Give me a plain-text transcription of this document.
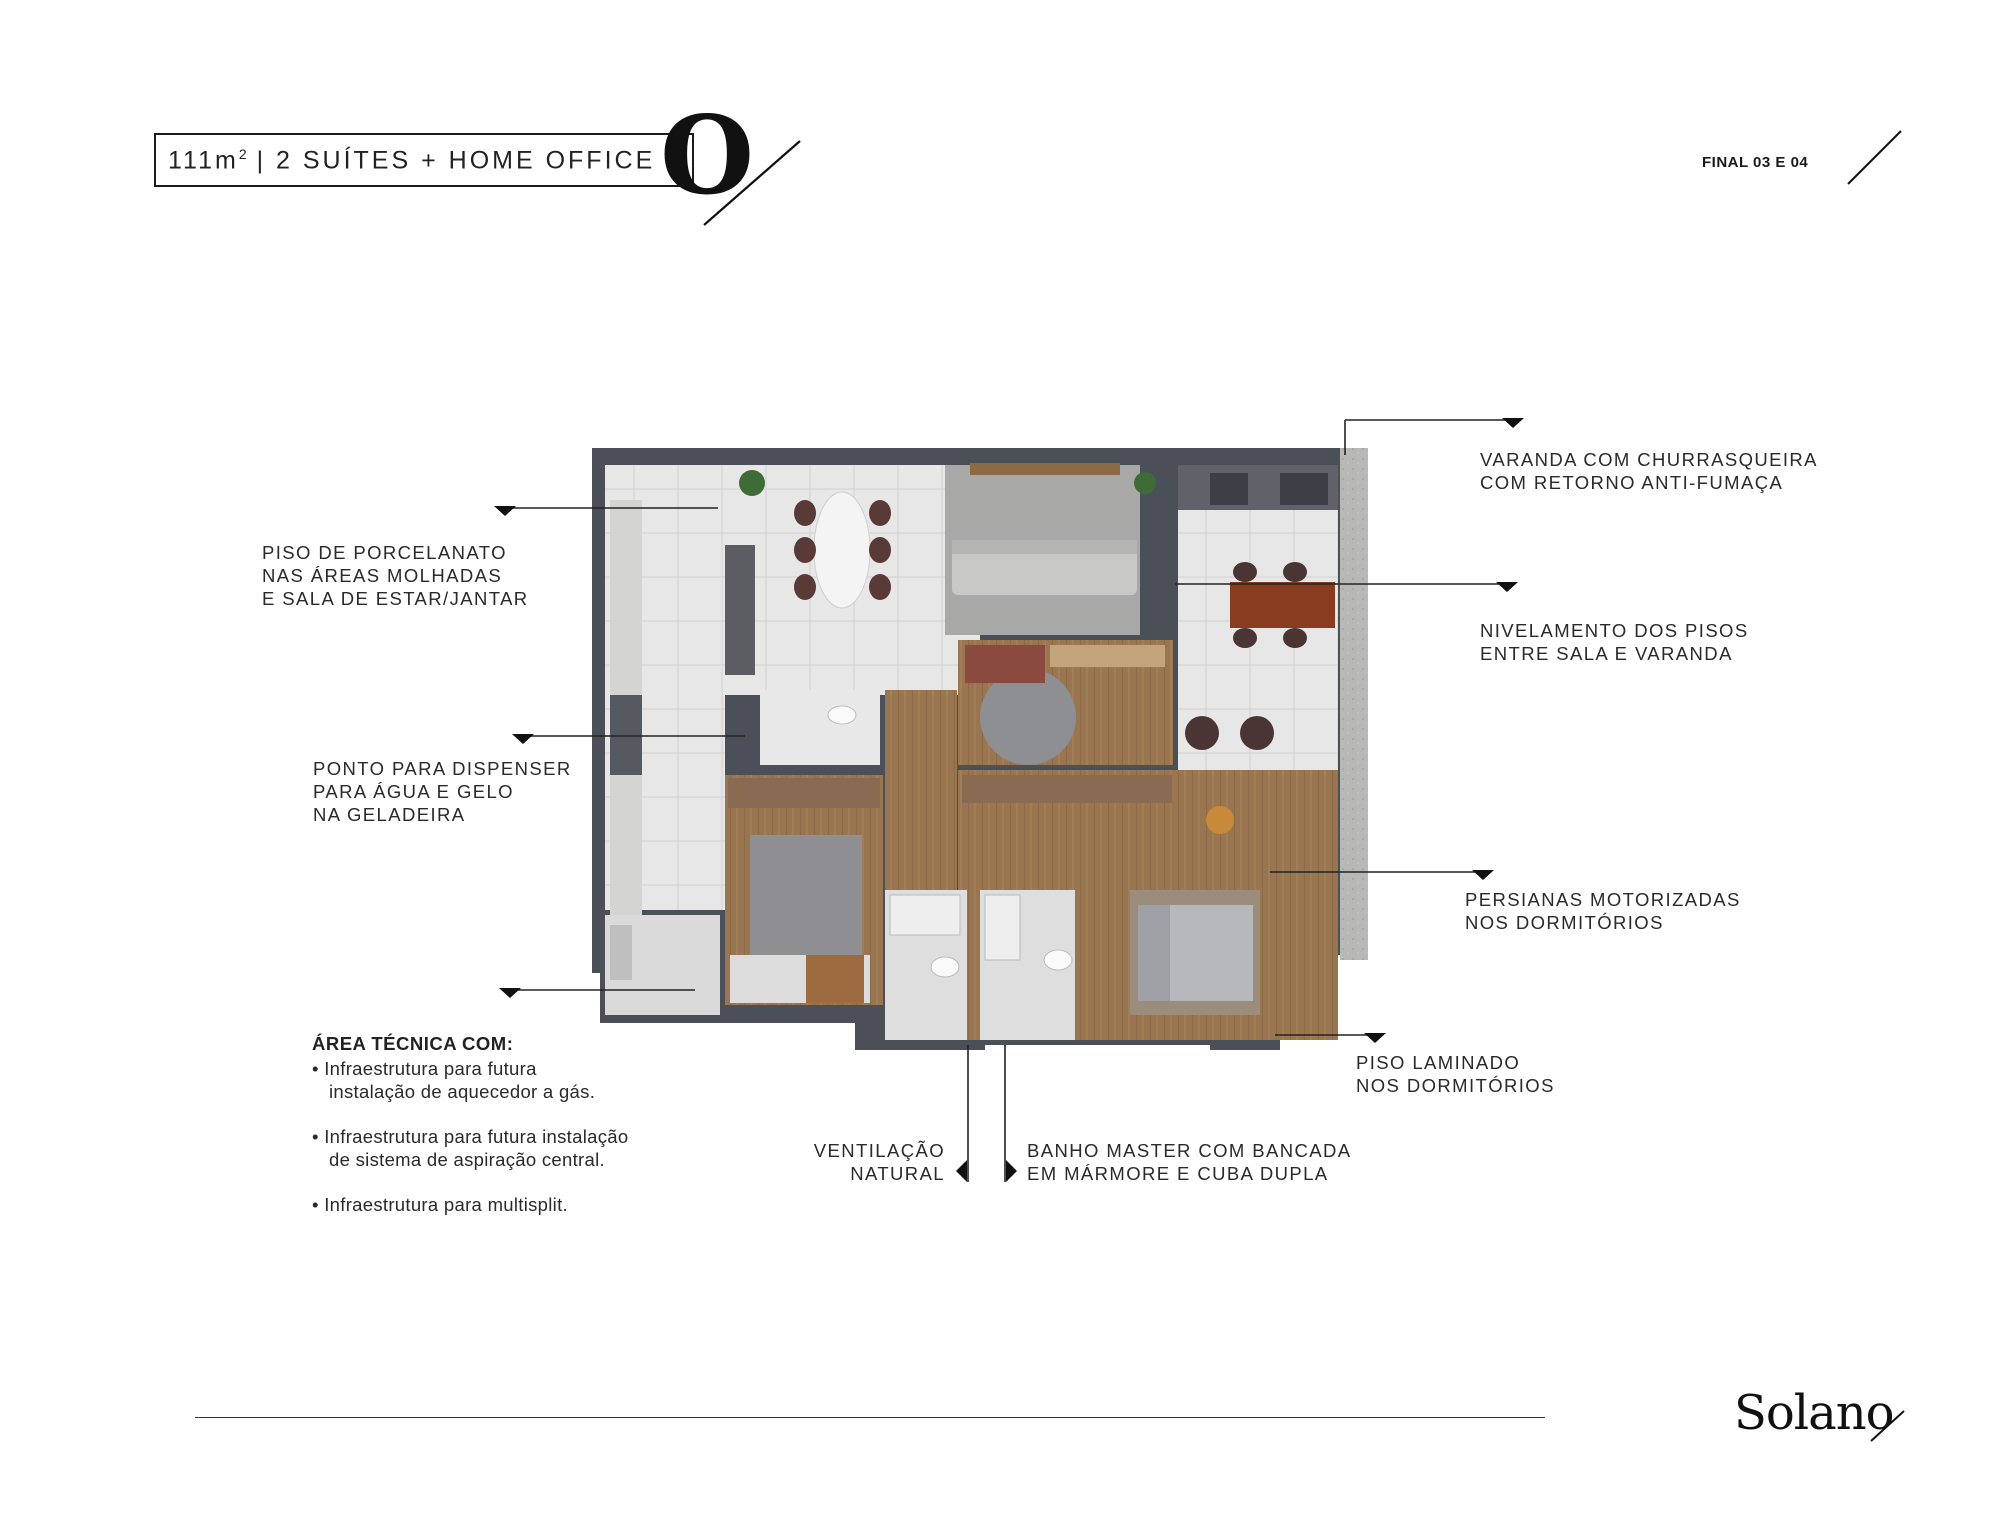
$111m^2$ | 2 SUÍTES + HOME OFFICE O	FINAL 03 E 04
PISO DE PORCELANATO
NAS ÁREAS MOLHADAS
E SALA DE ESTAR/JANTAR
PONTO PARA DISPENSER
PARA ÁGUA E GELO
NA GELADEIRA
ÁREA TÉCNICA COM:
• Infraestrutura para futura
instalação de aquecedor a gás.
• Infraestrutura para futura instalação
de sistema de aspiração central.
• Infraestrutura para multisplit.
VARANDA COM CHURRASQUEIRA
COM RETORNO ANTI-FUMAÇA
NIVELAMENTO DOS PISOS
ENTRE SALA E VARANDA
PERSIANAS MOTORIZADAS
NOS DORMITÓRIOS
PISO LAMINADO
NOS DORMITÓRIOS
VENTILAÇÃO
NATURAL
BANHO MASTER COM BANCADA
EM MÁRMORE E CUBA DUPLA
Solano
